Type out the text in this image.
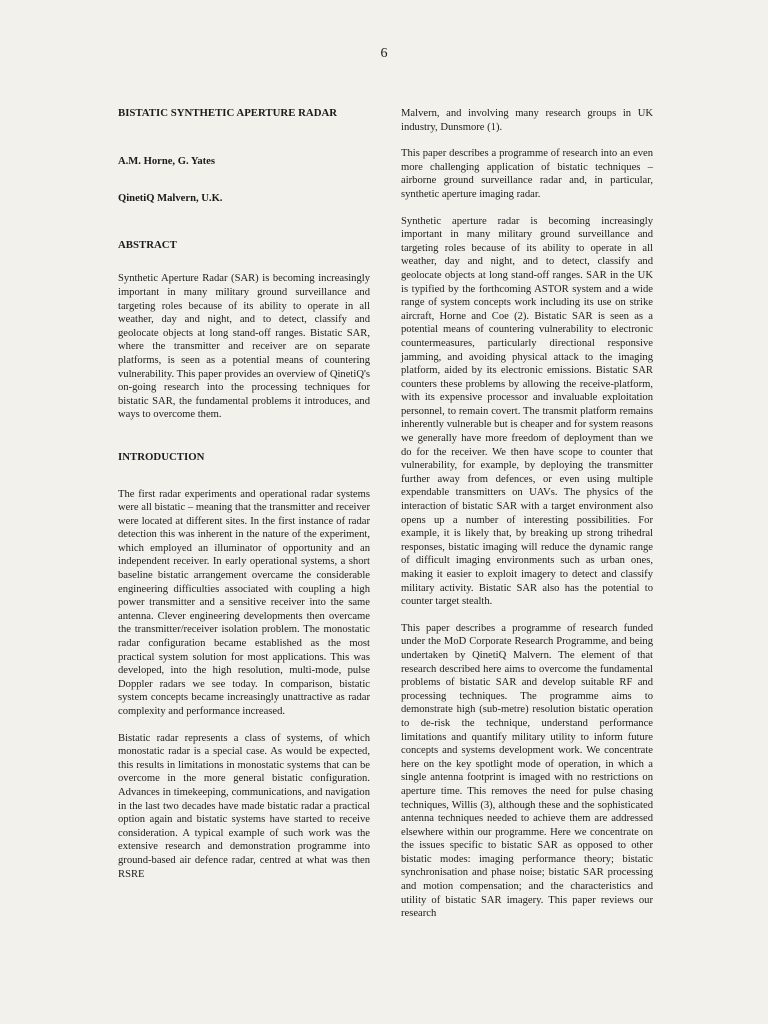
6

BISTATIC SYNTHETIC APERTURE RADAR

A.M. Horne, G. Yates

QinetiQ Malvern, U.K.

ABSTRACT

Synthetic Aperture Radar (SAR) is becoming increasingly important in many military ground surveillance and targeting roles because of its ability to operate in all weather, day and night, and to detect, classify and geolocate objects at long stand-off ranges. Bistatic SAR, where the transmitter and receiver are on separate platforms, is seen as a potential means of countering vulnerability. This paper provides an overview of QinetiQ's on-going research into the processing techniques for bistatic SAR, the fundamental problems it introduces, and ways to overcome them.

INTRODUCTION

The first radar experiments and operational radar systems were all bistatic – meaning that the transmitter and receiver were located at different sites. In the first instance of radar detection this was inherent in the nature of the experiment, which employed an illuminator of opportunity and an independent receiver. In early operational systems, a short baseline bistatic arrangement overcame the considerable engineering difficulties associated with coupling a high power transmitter and a sensitive receiver into the same antenna. Clever engineering developments then overcame the transmitter/receiver isolation problem. The monostatic radar configuration became established as the most practical system solution for most applications. This was developed, into the high resolution, multi-mode, pulse Doppler radars we see today. In comparison, bistatic system concepts became increasingly unattractive as radar complexity and performance increased.

Bistatic radar represents a class of systems, of which monostatic radar is a special case. As would be expected, this results in limitations in monostatic systems that can be overcome in the more general bistatic configuration. Advances in timekeeping, communications, and navigation in the last two decades have made bistatic radar a practical option again and bistatic systems have started to receive consideration. A typical example of such work was the extensive research and demonstration programme into ground-based air defence radar, centred at what was then RSRE

Malvern, and involving many research groups in UK industry, Dunsmore (1).

This paper describes a programme of research into an even more challenging application of bistatic techniques – airborne ground surveillance radar and, in particular, synthetic aperture imaging radar.

Synthetic aperture radar is becoming increasingly important in many military ground surveillance and targeting roles because of its ability to operate in all weather, day and night, and to detect, classify and geolocate objects at long stand-off ranges. SAR in the UK is typified by the forthcoming ASTOR system and a wide range of system concepts work including its use on strike aircraft, Horne and Coe (2). Bistatic SAR is seen as a potential means of countering vulnerability to electronic countermeasures, particularly directional responsive jamming, and avoiding physical attack to the imaging platform, aided by its electronic emissions. Bistatic SAR counters these problems by allowing the receive-platform, with its expensive processor and invaluable exploitation personnel, to remain covert. The transmit platform remains inherently vulnerable but is cheaper and for system reasons we generally have more freedom of deployment than we do for the receiver. We then have scope to counter that vulnerability, for example, by deploying the transmitter further away from defences, or even using multiple expendable transmitters on UAVs. The physics of the interaction of bistatic SAR with a target environment also opens up a number of interesting possibilities. For example, it is likely that, by breaking up strong trihedral responses, bistatic imaging will reduce the dynamic range of difficult imaging environments such as urban ones, making it easier to exploit imagery to detect and classify military activity. Bistatic SAR also has the potential to counter target stealth.

This paper describes a programme of research funded under the MoD Corporate Research Programme, and being undertaken by QinetiQ Malvern. The element of that research described here aims to overcome the fundamental problems of bistatic SAR and develop suitable RF and processing techniques. The programme aims to demonstrate high (sub-metre) resolution bistatic operation to de-risk the technique, understand performance limitations and quantify military utility to inform future concepts and systems development work. We concentrate here on the key spotlight mode of operation, in which a single antenna footprint is imaged with no restrictions on aperture time. This removes the need for pulse chasing techniques, Willis (3), although these and the sophisticated antenna techniques needed to achieve them are addressed elsewhere within our programme. Here we concentrate on the issues specific to bistatic SAR as opposed to other bistatic modes: imaging performance theory; bistatic synchronisation and phase noise; bistatic SAR processing and motion compensation; and the characteristics and utility of bistatic SAR imagery. This paper reviews our research
